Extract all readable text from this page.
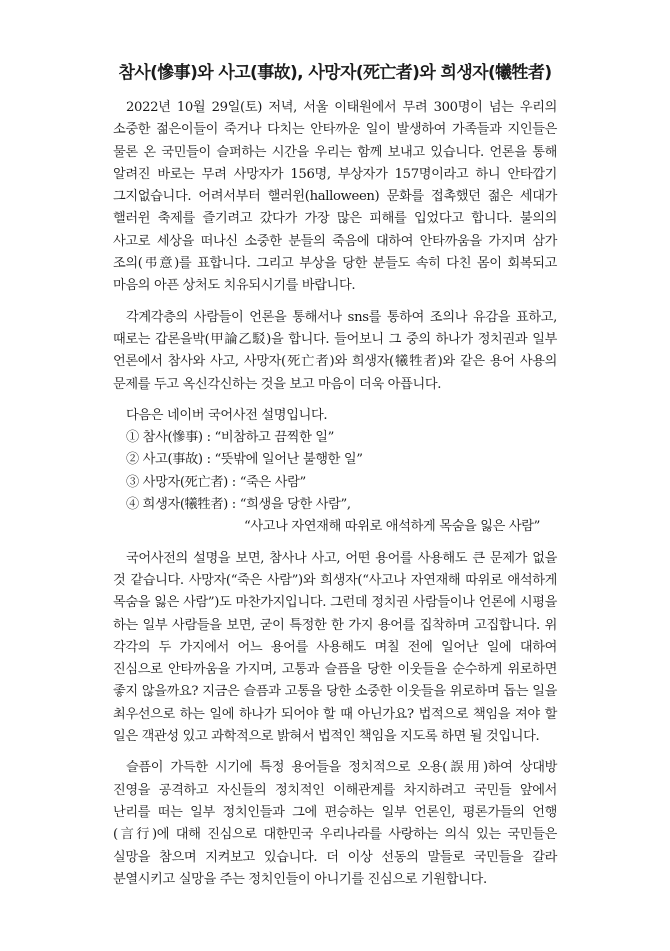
참사(慘事)와 사고(事故), 사망자(死亡者)와 희생자(犧牲者)

2022년 10월 29일(토) 저녁, 서울 이태원에서 무려 300명이 넘는 우리의 소중한 젊은이들이 죽거나 다치는 안타까운 일이 발생하여 가족들과 지인들은 물론 온 국민들이 슬퍼하는 시간을 우리는 함께 보내고 있습니다. 언론을 통해 알려진 바로는 무려 사망자가 156명, 부상자가 157명이라고 하니 안타깝기 그지없습니다. 어려서부터 핼러윈(halloween) 문화를 접촉했던 젊은 세대가 핼러윈 축제를 즐기려고 갔다가 가장 많은 피해를 입었다고 합니다. 불의의 사고로 세상을 떠나신 소중한 분들의 죽음에 대하여 안타까움을 가지며 삼가 조의(弔意)를 표합니다. 그리고 부상을 당한 분들도 속히 다친 몸이 회복되고 마음의 아픈 상처도 치유되시기를 바랍니다.

각계각층의 사람들이 언론을 통해서나 sns를 통하여 조의나 유감을 표하고, 때로는 갑론을박(甲論乙駁)을 합니다. 들어보니 그 중의 하나가 정치권과 일부 언론에서 참사와 사고, 사망자(死亡者)와 희생자(犧牲者)와 같은 용어 사용의 문제를 두고 옥신각신하는 것을 보고 마음이 더욱 아픕니다.

다음은 네이버 국어사전 설명입니다.

① 참사(慘事) : “비참하고 끔찍한 일”
② 사고(事故) : “뜻밖에 일어난 불행한 일”
③ 사망자(死亡者) : “죽은 사람”
④ 희생자(犧牲者) : “희생을 당한 사람”,
“사고나 자연재해 따위로 애석하게 목숨을 잃은 사람”

국어사전의 설명을 보면, 참사나 사고, 어떤 용어를 사용해도 큰 문제가 없을 것 같습니다. 사망자(“죽은 사람”)와 희생자(“사고나 자연재해 따위로 애석하게 목숨을 잃은 사람”)도 마찬가지입니다. 그런데 정치권 사람들이나 언론에 시평을 하는 일부 사람들을 보면, 굳이 특정한 한 가지 용어를 집착하며 고집합니다. 위 각각의 두 가지에서 어느 용어를 사용해도 며칠 전에 일어난 일에 대하여 진심으로 안타까움을 가지며, 고통과 슬픔을 당한 이웃들을 순수하게 위로하면 좋지 않을까요? 지금은 슬픔과 고통을 당한 소중한 이웃들을 위로하며 돕는 일을 최우선으로 하는 일에 하나가 되어야 할 때 아닌가요? 법적으로 책임을 져야 할 일은 객관성 있고 과학적으로 밝혀서 법적인 책임을 지도록 하면 될 것입니다.

슬픔이 가득한 시기에 특정 용어들을 정치적으로 오용(誤用)하여 상대방 진영을 공격하고 자신들의 정치적인 이해관계를 차지하려고 국민들 앞에서 난리를 떠는 일부 정치인들과 그에 편승하는 일부 언론인, 평론가들의 언행(言行)에 대해 진심으로 대한민국 우리나라를 사랑하는 의식 있는 국민들은 실망을 참으며 지켜보고 있습니다. 더 이상 선동의 말들로 국민들을 갈라 분열시키고 실망을 주는 정치인들이 아니기를 진심으로 기원합니다.
